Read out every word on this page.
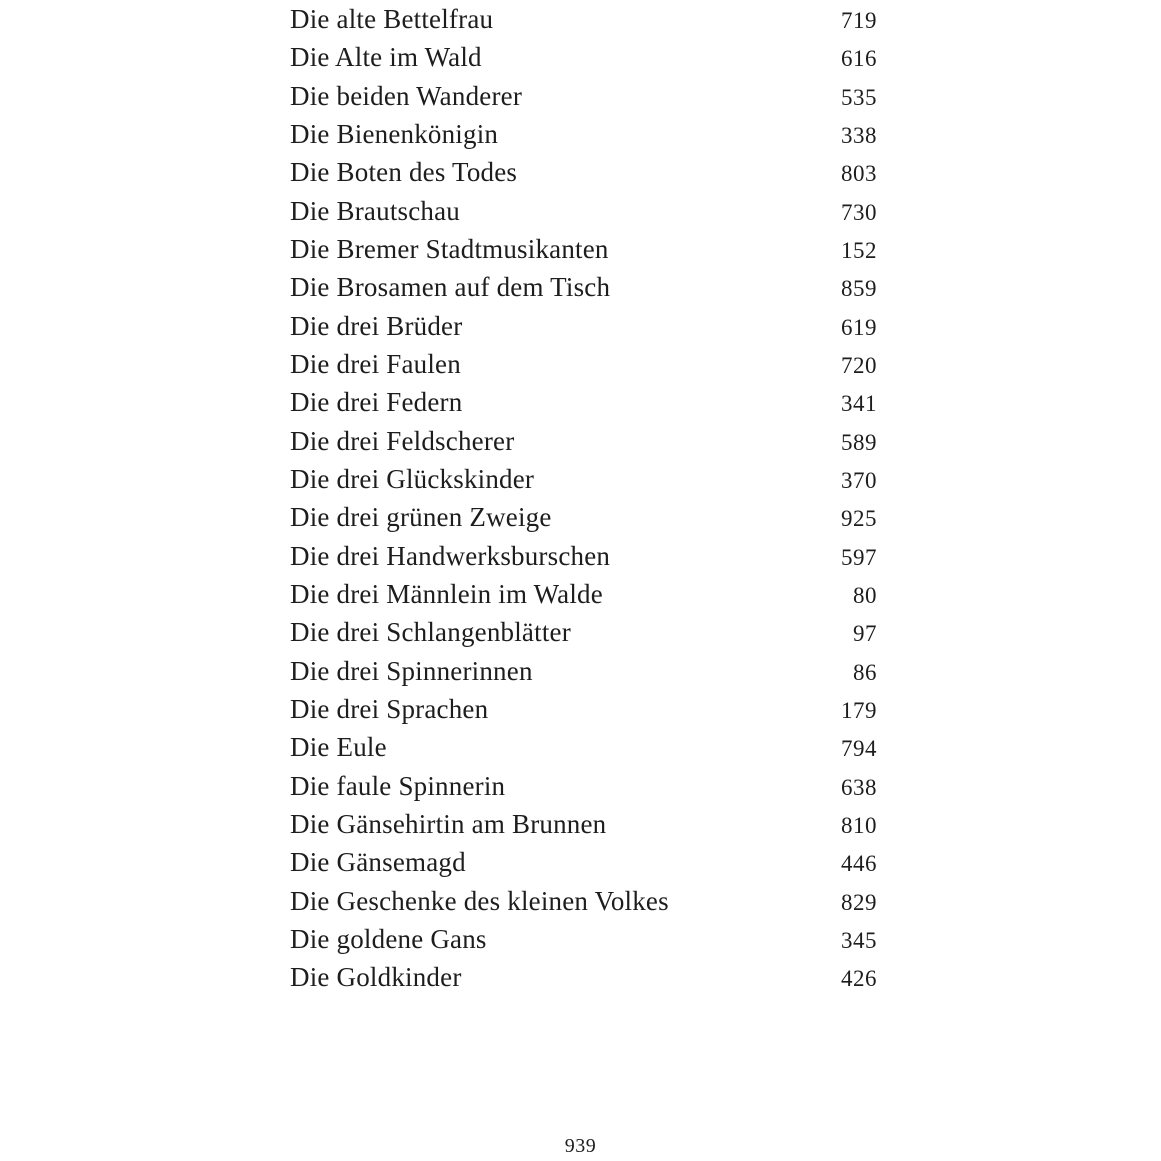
Die alte Bettelfrau	719
Die Alte im Wald	616
Die beiden Wanderer	535
Die Bienenkönigin	338
Die Boten des Todes	803
Die Brautschau	730
Die Bremer Stadtmusikanten	152
Die Brosamen auf dem Tisch	859
Die drei Brüder	619
Die drei Faulen	720
Die drei Federn	341
Die drei Feldscherer	589
Die drei Glückskinder	370
Die drei grünen Zweige	925
Die drei Handwerksburschen	597
Die drei Männlein im Walde	80
Die drei Schlangenblätter	97
Die drei Spinnerinnen	86
Die drei Sprachen	179
Die Eule	794
Die faule Spinnerin	638
Die Gänsehirtin am Brunnen	810
Die Gänsemagd	446
Die Geschenke des kleinen Volkes	829
Die goldene Gans	345
Die Goldkinder	426
939
